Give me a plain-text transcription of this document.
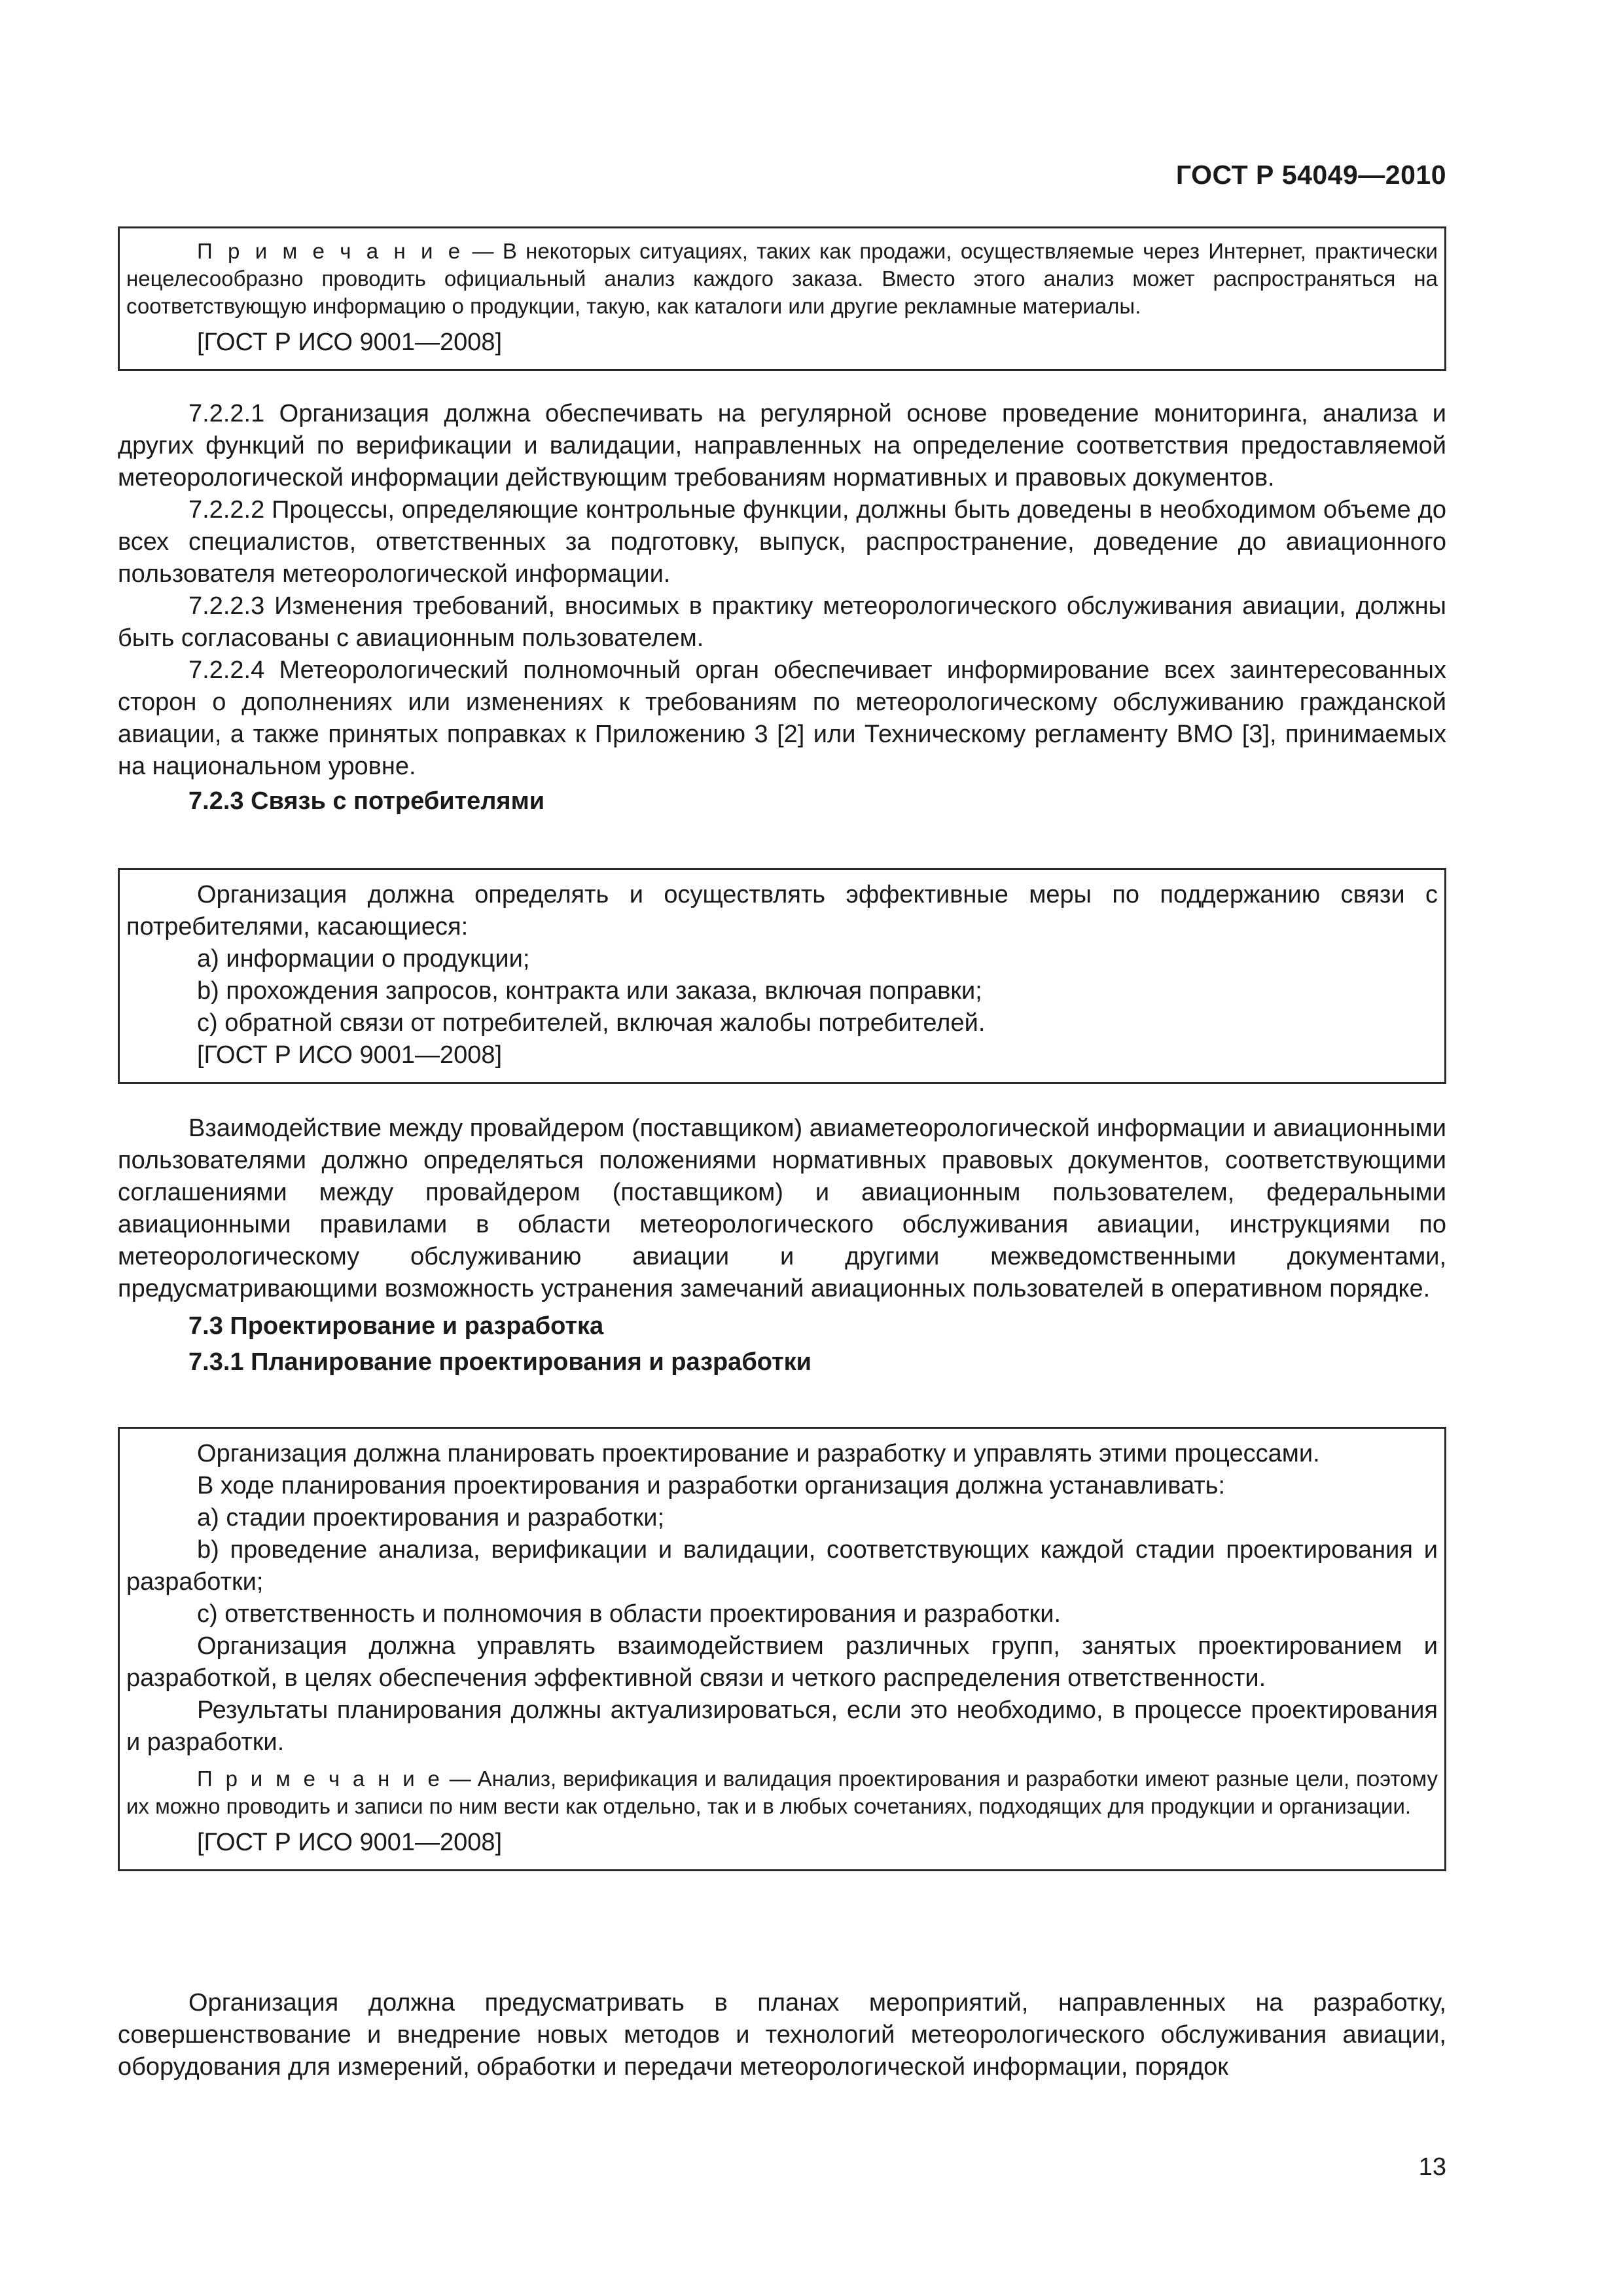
ГОСТ Р 54049—2010

П р и м е ч а н и е — В некоторых ситуациях, таких как продажи, осуществляемые через Интернет, практически нецелесообразно проводить официальный анализ каждого заказа. Вместо этого анализ может распространяться на соответствующую информацию о продукции, такую, как каталоги или другие рекламные материалы.

[ГОСТ Р ИСО 9001—2008]

7.2.2.1 Организация должна обеспечивать на регулярной основе проведение мониторинга, анализа и других функций по верификации и валидации, направленных на определение соответствия предоставляемой метеорологической информации действующим требованиям нормативных и правовых документов.

7.2.2.2 Процессы, определяющие контрольные функции, должны быть доведены в необходимом объеме до всех специалистов, ответственных за подготовку, выпуск, распространение, доведение до авиационного пользователя метеорологической информации.

7.2.2.3 Изменения требований, вносимых в практику метеорологического обслуживания авиации, должны быть согласованы с авиационным пользователем.

7.2.2.4 Метеорологический полномочный орган обеспечивает информирование всех заинтересованных сторон о дополнениях или изменениях к требованиям по метеорологическому обслуживанию гражданской авиации, а также принятых поправках к Приложению 3 [2] или Техническому регламенту ВМО [3], принимаемых на национальном уровне.

7.2.3 Связь с потребителями

Организация должна определять и осуществлять эффективные меры по поддержанию связи с потребителями, касающиеся:

a) информации о продукции;

b) прохождения запросов, контракта или заказа, включая поправки;

c) обратной связи от потребителей, включая жалобы потребителей.

[ГОСТ Р ИСО 9001—2008]

Взаимодействие между провайдером (поставщиком) авиаметеорологической информации и авиационными пользователями должно определяться положениями нормативных правовых документов, соответствующими соглашениями между провайдером (поставщиком) и авиационным пользователем, федеральными авиационными правилами в области метеорологического обслуживания авиации, инструкциями по метеорологическому обслуживанию авиации и другими межведомственными документами, предусматривающими возможность устранения замечаний авиационных пользователей в оперативном порядке.

7.3 Проектирование и разработка

7.3.1 Планирование проектирования и разработки

Организация должна планировать проектирование и разработку и управлять этими процессами.

В ходе планирования проектирования и разработки организация должна устанавливать:

a) стадии проектирования и разработки;

b) проведение анализа, верификации и валидации, соответствующих каждой стадии проектирования и разработки;

c) ответственность и полномочия в области проектирования и разработки.

Организация должна управлять взаимодействием различных групп, занятых проектированием и разработкой, в целях обеспечения эффективной связи и четкого распределения ответственности.

Результаты планирования должны актуализироваться, если это необходимо, в процессе проектирования и разработки.

П р и м е ч а н и е — Анализ, верификация и валидация проектирования и разработки имеют разные цели, поэтому их можно проводить и записи по ним вести как отдельно, так и в любых сочетаниях, подходящих для продукции и организации.

[ГОСТ Р ИСО 9001—2008]

Организация должна предусматривать в планах мероприятий, направленных на разработку, совершенствование и внедрение новых методов и технологий метеорологического обслуживания авиации, оборудования для измерений, обработки и передачи метеорологической информации, порядок

13
